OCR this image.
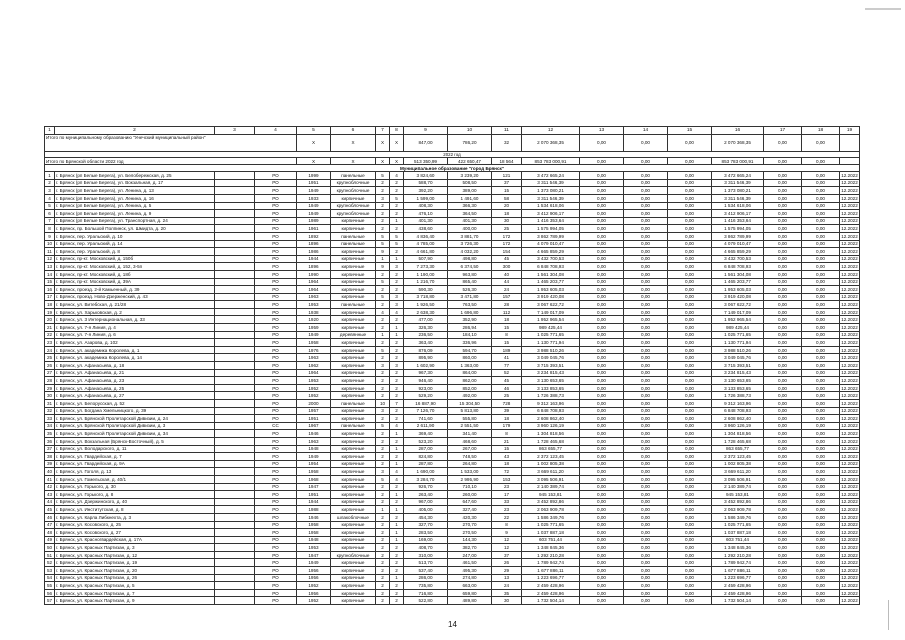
1	2	3	4	5	6	7	8	9	10	11	12	13	14	15	16	17	18	19
Итого по муниципальному образованию "Унечский муниципальный район"				X	X	X	X	847,00	786,20	32	2 070 368,35	0,00	0,00	0,00	2 070 368,35	0,00	0,00	
2022 год																		
Итого по Брянской области 2022 год				X	X	X	X	513 350,99	422 650,47	18 564	853 783 000,91	0,00	0,00	0,00	853 783 000,91	0,00	0,00	
Муниципальное образование "город Брянск"																		
1	г. Брянск (рп Белые Берега), ул. Белобережская, д. 25		РО	1999	панельные	5	4	3 824,60	3 239,20	121	3 472 665,24	0,00	0,00	0,00	3 472 665,24	0,00	0,00	12.2022
2	г. Брянск (рп Белые Берега), ул. Вокзальная, д. 17		РО	1951	крупноблочные	2	2	588,70	508,50	37	3 311 546,39	0,00	0,00	0,00	3 311 546,39	0,00	0,00	12.2022
3	г. Брянск (рп Белые Берега), ул. Ленина, д. 13		РО	1949	крупноблочные	2	2	392,20	389,00	15	1 373 080,21	0,00	0,00	0,00	1 373 080,21	0,00	0,00	12.2022
4	г. Брянск (рп Белые Берега), ул. Ленина, д. 16		РО	1933	кирпичные	3	5	1 599,00	1 491,60	58	3 311 546,39	0,00	0,00	0,00	3 311 546,39	0,00	0,00	12.2022
5	г. Брянск (рп Белые Берега), ул. Ленина, д. 5		РО	1949	крупноблочные	2	2	408,30	366,30	20	1 534 618,06	0,00	0,00	0,00	1 534 618,06	0,00	0,00	12.2022
6	г. Брянск (рп Белые Берега), ул. Ленина, д. 9		РО	1949	крупноблочные	2	2	476,10	364,50	18	3 412 906,17	0,00	0,00	0,00	3 412 906,17	0,00	0,00	12.2022
7	г. Брянск (рп Белые Берега), ул. Транспортная, д. 24		РО	1989	кирпичные	2	1	401,30	401,30	30	1 416 353,64	0,00	0,00	0,00	1 416 353,64	0,00	0,00	12.2022
8	г. Брянск, пр. Большой Полпинск, ул. Шмидта, д. 20		РО	1961	кирпичные	2	2	438,60	400,00	25	1 575 994,05	0,00	0,00	0,00	1 575 994,05	0,00	0,00	12.2022
9	г. Брянск, пер. Уральский, д. 10		РО	1892	панельные	5	5	4 836,40	3 881,70	172	3 862 789,99	0,00	0,00	0,00	3 862 789,99	0,00	0,00	12.2022
10	г. Брянск, пер. Уральский, д. 14		РО	1896	панельные	5	5	4 785,00	3 726,30	172	4 079 010,47	0,00	0,00	0,00	4 079 010,47	0,00	0,00	12.2022
11	г. Брянск, пер. Уральский, д. 8		РО	1986	кирпичные	9	2	4 661,80	4 032,20	154	4 665 859,29	0,00	0,00	0,00	4 665 859,29	0,00	0,00	12.2022
12	г. Брянск, пр-кт. Московский, д. 150б		РО	1944	кирпичные	1	1	507,90	498,80	45	3 432 700,53	0,00	0,00	0,00	3 432 700,53	0,00	0,00	12.2022
13	г. Брянск, пр-кт. Московский, д. 152, 3-5п		РО	1896	кирпичные	9	3	7 273,30	6 374,50	300	6 848 708,93	0,00	0,00	0,00	6 848 708,93	0,00	0,00	12.2022
14	г. Брянск, пр-кт. Московский, д. 18б		РО	1990	кирпичные	2	2	1 190,00	963,80	40	1 561 304,08	0,00	0,00	0,00	1 561 304,08	0,00	0,00	12.2022
15	г. Брянск, пр-кт. Московский, д. 39А		РО	1964	кирпичные	5	2	1 216,70	865,40	44	1 465 203,77	0,00	0,00	0,00	1 465 203,77	0,00	0,00	12.2022
16	г. Брянск, проезд. 2-й Камьенный, д. 39		РО	1964	кирпичные	2	2	590,30	526,30	24	1 953 605,03	0,00	0,00	0,00	1 953 605,03	0,00	0,00	12.2022
17	г. Брянск, проезд. Ново-Дзерженский, д. 43		РО	1963	кирпичные	5	3	3 718,80	3 471,80	157	3 919 420,08	0,00	0,00	0,00	3 919 420,08	0,00	0,00	12.2022
18	г. Брянск, ул. Витебская, д. 21/28		РО	1953	панельные	2	3	1 926,50	763,50	28	3 067 622,72	0,00	0,00	0,00	3 067 622,72	0,00	0,00	12.2022
19	г. Брянск, ул. Харьковская, д. 2		РО	1938	кирпичные	4	4	2 638,30	1 696,80	112	7 149 017,09	0,00	0,00	0,00	7 149 017,09	0,00	0,00	12.2022
20	г. Брянск, ул. 3 Интернациональная, д. 33		РО	1920	кирпичные	2	2	477,00	352,90	18	1 952 965,54	0,00	0,00	0,00	1 952 965,54	0,00	0,00	12.2022
21	г. Брянск, ул. 7-я Линия, д. 4		РО	1959	кирпичные	2	1	326,30	286,94	15	989 425,44	0,00	0,00	0,00	989 425,44	0,00	0,00	12.2022
22	г. Брянск, ул. 7-я Линия, д. 6		РО	1949	деревянные	1	1	236,50	184,10	8	1 025 771,65	0,00	0,00	0,00	1 025 771,65	0,00	0,00	12.2022
23	г. Брянск, ул. Азарова, д. 102		РО	1958	кирпичные	2	2	363,40	336,96	15	1 130 771,94	0,00	0,00	0,00	1 130 771,94	0,00	0,00	12.2022
24	г. Брянск, ул. академика Королева, д. 1		РО	1976	кирпичные	5	2	876,09	594,70	189	3 988 510,26	0,00	0,00	0,00	3 988 510,26	0,00	0,00	12.2022
25	г. Брянск, ул. академика Королева, д. 14		РО	1963	кирпичные	2	2	895,90	860,00	41	3 049 045,76	0,00	0,00	0,00	3 049 045,76	0,00	0,00	12.2022
26	г. Брянск, ул. Афанасьева, д. 18		РО	1962	кирпичные	3	3	1 602,90	1 363,00	77	3 715 393,51	0,00	0,00	0,00	3 715 393,51	0,00	0,00	12.2022
27	г. Брянск, ул. Афанасьева, д. 21		РО	1964	кирпичные	2	2	967,30	864,00	52	3 234 815,43	0,00	0,00	0,00	3 234 815,43	0,00	0,00	12.2022
28	г. Брянск, ул. Афанасьева, д. 23		РО	1953	кирпичные	2	2	946,40	862,00	45	3 130 653,65	0,00	0,00	0,00	3 130 653,65	0,00	0,00	12.2022
29	г. Брянск, ул. Афанасьева, д. 25		РО	1952	кирпичные	2	2	923,00	852,00	46	3 133 853,65	0,00	0,00	0,00	3 133 853,65	0,00	0,00	12.2022
30	г. Брянск, ул. Афанасьева, д. 27		РО	1952	кирпичные	2	2	529,20	492,00	25	1 726 388,73	0,00	0,00	0,00	1 726 388,73	0,00	0,00	12.2022
31	г. Брянск, ул. Белорусская, д. 52		РО	2000	панельные	10	7	16 887,90	15 304,50	728	9 312 163,96	0,00	0,00	0,00	9 312 163,96	0,00	0,00	12.2022
32	г. Брянск, ул. Богдана Хмельницкого, д. 39		РО	1957	кирпичные	3	2	7 126,70	5 813,80	39	6 848 708,93	0,00	0,00	0,00	6 848 708,93	0,00	0,00	12.2022
33	г. Брянск, ул. Брянской Пролетарской Дивизии, д. 24		РО	1951	кирпичные	2	2	741,60	555,80	18	2 608 862,40	0,00	0,00	0,00	2 608 862,40	0,00	0,00	12.2022
34	г. Брянск, ул. Брянской Пролетарской Дивизии, д. 3		СС	1967	панельные	5	4	2 611,90	2 551,50	179	3 960 126,19	0,00	0,00	0,00	3 960 126,19	0,00	0,00	12.2022
35	г. Брянск, ул. Брянской Пролетарской Дивизии, д. 34		РО	1946	кирпичные	2	1	369,40	341,40	8	1 304 818,56	0,00	0,00	0,00	1 304 818,56	0,00	0,00	12.2022
36	г. Брянск, ул. Вокзальная (Брянск-Восточный), д. 5		РО	1963	кирпичные	2	2	523,20	468,60	21	1 728 465,68	0,00	0,00	0,00	1 728 465,68	0,00	0,00	12.2022
37	г. Брянск, ул. Володарского, д. 11		РО	1948	кирпичные	2	1	287,00	267,00	15	863 655,77	0,00	0,00	0,00	863 655,77	0,00	0,00	12.2022
38	г. Брянск, ул. Гвардейская, д. 7		РО	1949	кирпичные	2	2	824,80	748,50	43	2 372 123,45	0,00	0,00	0,00	2 372 123,45	0,00	0,00	12.2022
39	г. Брянск, ул. Гвардейская, д. 9А		РО	1954	кирпичные	2	1	287,80	264,80	18	1 002 805,38	0,00	0,00	0,00	1 002 805,38	0,00	0,00	12.2022
40	г. Брянск, ул. Гоголя, д. 13		РО	1958	кирпичные	3	4	1 690,00	1 533,00	72	3 669 611,20	0,00	0,00	0,00	3 669 611,20	0,00	0,00	12.2022
41	г. Брянск, ул. Гомельская, д. 40/1		РО	1968	кирпичные	5	4	3 284,70	2 995,90	153	3 095 506,91	0,00	0,00	0,00	3 095 506,91	0,00	0,00	12.2022
42	г. Брянск, ул. Горького, д. 30		РО	1947	кирпичные	2	2	926,70	710,10	23	2 140 389,74	0,00	0,00	0,00	2 140 389,74	0,00	0,00	12.2022
43	г. Брянск, ул. Горького, д. 8		РО	1951	кирпичные	2	1	263,40	260,00	17	945 153,81	0,00	0,00	0,00	945 153,81	0,00	0,00	12.2022
44	г. Брянск, ул. Дзержинского, д. 40		РО	1944	кирпичные	2	2	967,00	647,60	33	3 452 892,86	0,00	0,00	0,00	3 452 892,86	0,00	0,00	12.2022
45	г. Брянск, ул. Институтская, д. 8		РО	1988	кирпичные	1	1	405,00	327,40	23	2 063 909,78	0,00	0,00	0,00	2 063 909,78	0,00	0,00	12.2022
46	г. Брянск, ул. Карла Либкнехта, д. 3		РО	1946	шлакоблочные	2	2	454,30	420,30	22	1 586 349,76	0,00	0,00	0,00	1 586 349,76	0,00	0,00	12.2022
47	г. Брянск, ул. Косовского, д. 25		РО	1958	кирпичные	2	1	327,70	270,70	8	1 025 771,65	0,00	0,00	0,00	1 025 771,65	0,00	0,00	12.2022
48	г. Брянск, ул. Косовского, д. 27		РО	1958	кирпичные	2	1	283,50	270,50	9	1 037 887,18	0,00	0,00	0,00	1 037 887,18	0,00	0,00	12.2022
49	г. Брянск, ул. Красногвардейская, д. 17А		РО	1948	кирпичные	2	1	169,00	144,30	12	603 751,44	0,00	0,00	0,00	603 751,44	0,00	0,00	12.2022
50	г. Брянск, ул. Красных Партизан, д. 3		РО	1953	кирпичные	2	2	408,70	382,70	12	1 348 845,36	0,00	0,00	0,00	1 348 845,36	0,00	0,00	12.2022
51	г. Брянск, ул. Красных Партизан, д. 12		РО	1947	крупноблочные	2	2	310,00	247,00	37	1 292 210,28	0,00	0,00	0,00	1 292 210,28	0,00	0,00	12.2022
52	г. Брянск, ул. Красных Партизан, д. 19		РО	1949	кирпичные	2	2	513,70	461,50	26	1 789 942,74	0,00	0,00	0,00	1 789 942,74	0,00	0,00	12.2022
53	г. Брянск, ул. Красных Партизан, д. 20		РО	1956	кирпичные	2	2	537,40	495,30	29	1 677 886,11	0,00	0,00	0,00	1 677 886,11	0,00	0,00	12.2022
54	г. Брянск, ул. Красных Партизан, д. 26		РО	1956	кирпичные	2	1	286,00	274,80	13	1 223 696,77	0,00	0,00	0,00	1 223 696,77	0,00	0,00	12.2022
55	г. Брянск, ул. Красных Партизан, д. 5		РО	1952	кирпичные	2	2	735,80	663,00	24	2 459 428,96	0,00	0,00	0,00	2 459 428,96	0,00	0,00	12.2022
56	г. Брянск, ул. Красных Партизан, д. 7		РО	1956	кирпичные	2	2	716,80	659,80	35	2 459 428,96	0,00	0,00	0,00	2 459 428,96	0,00	0,00	12.2022
57	г. Брянск, ул. Красных Партизан, д. 9		РО	1952	кирпичные	2	2	522,80	489,80	30	1 732 504,14	0,00	0,00	0,00	1 732 504,14	0,00	0,00	12.2022
14
